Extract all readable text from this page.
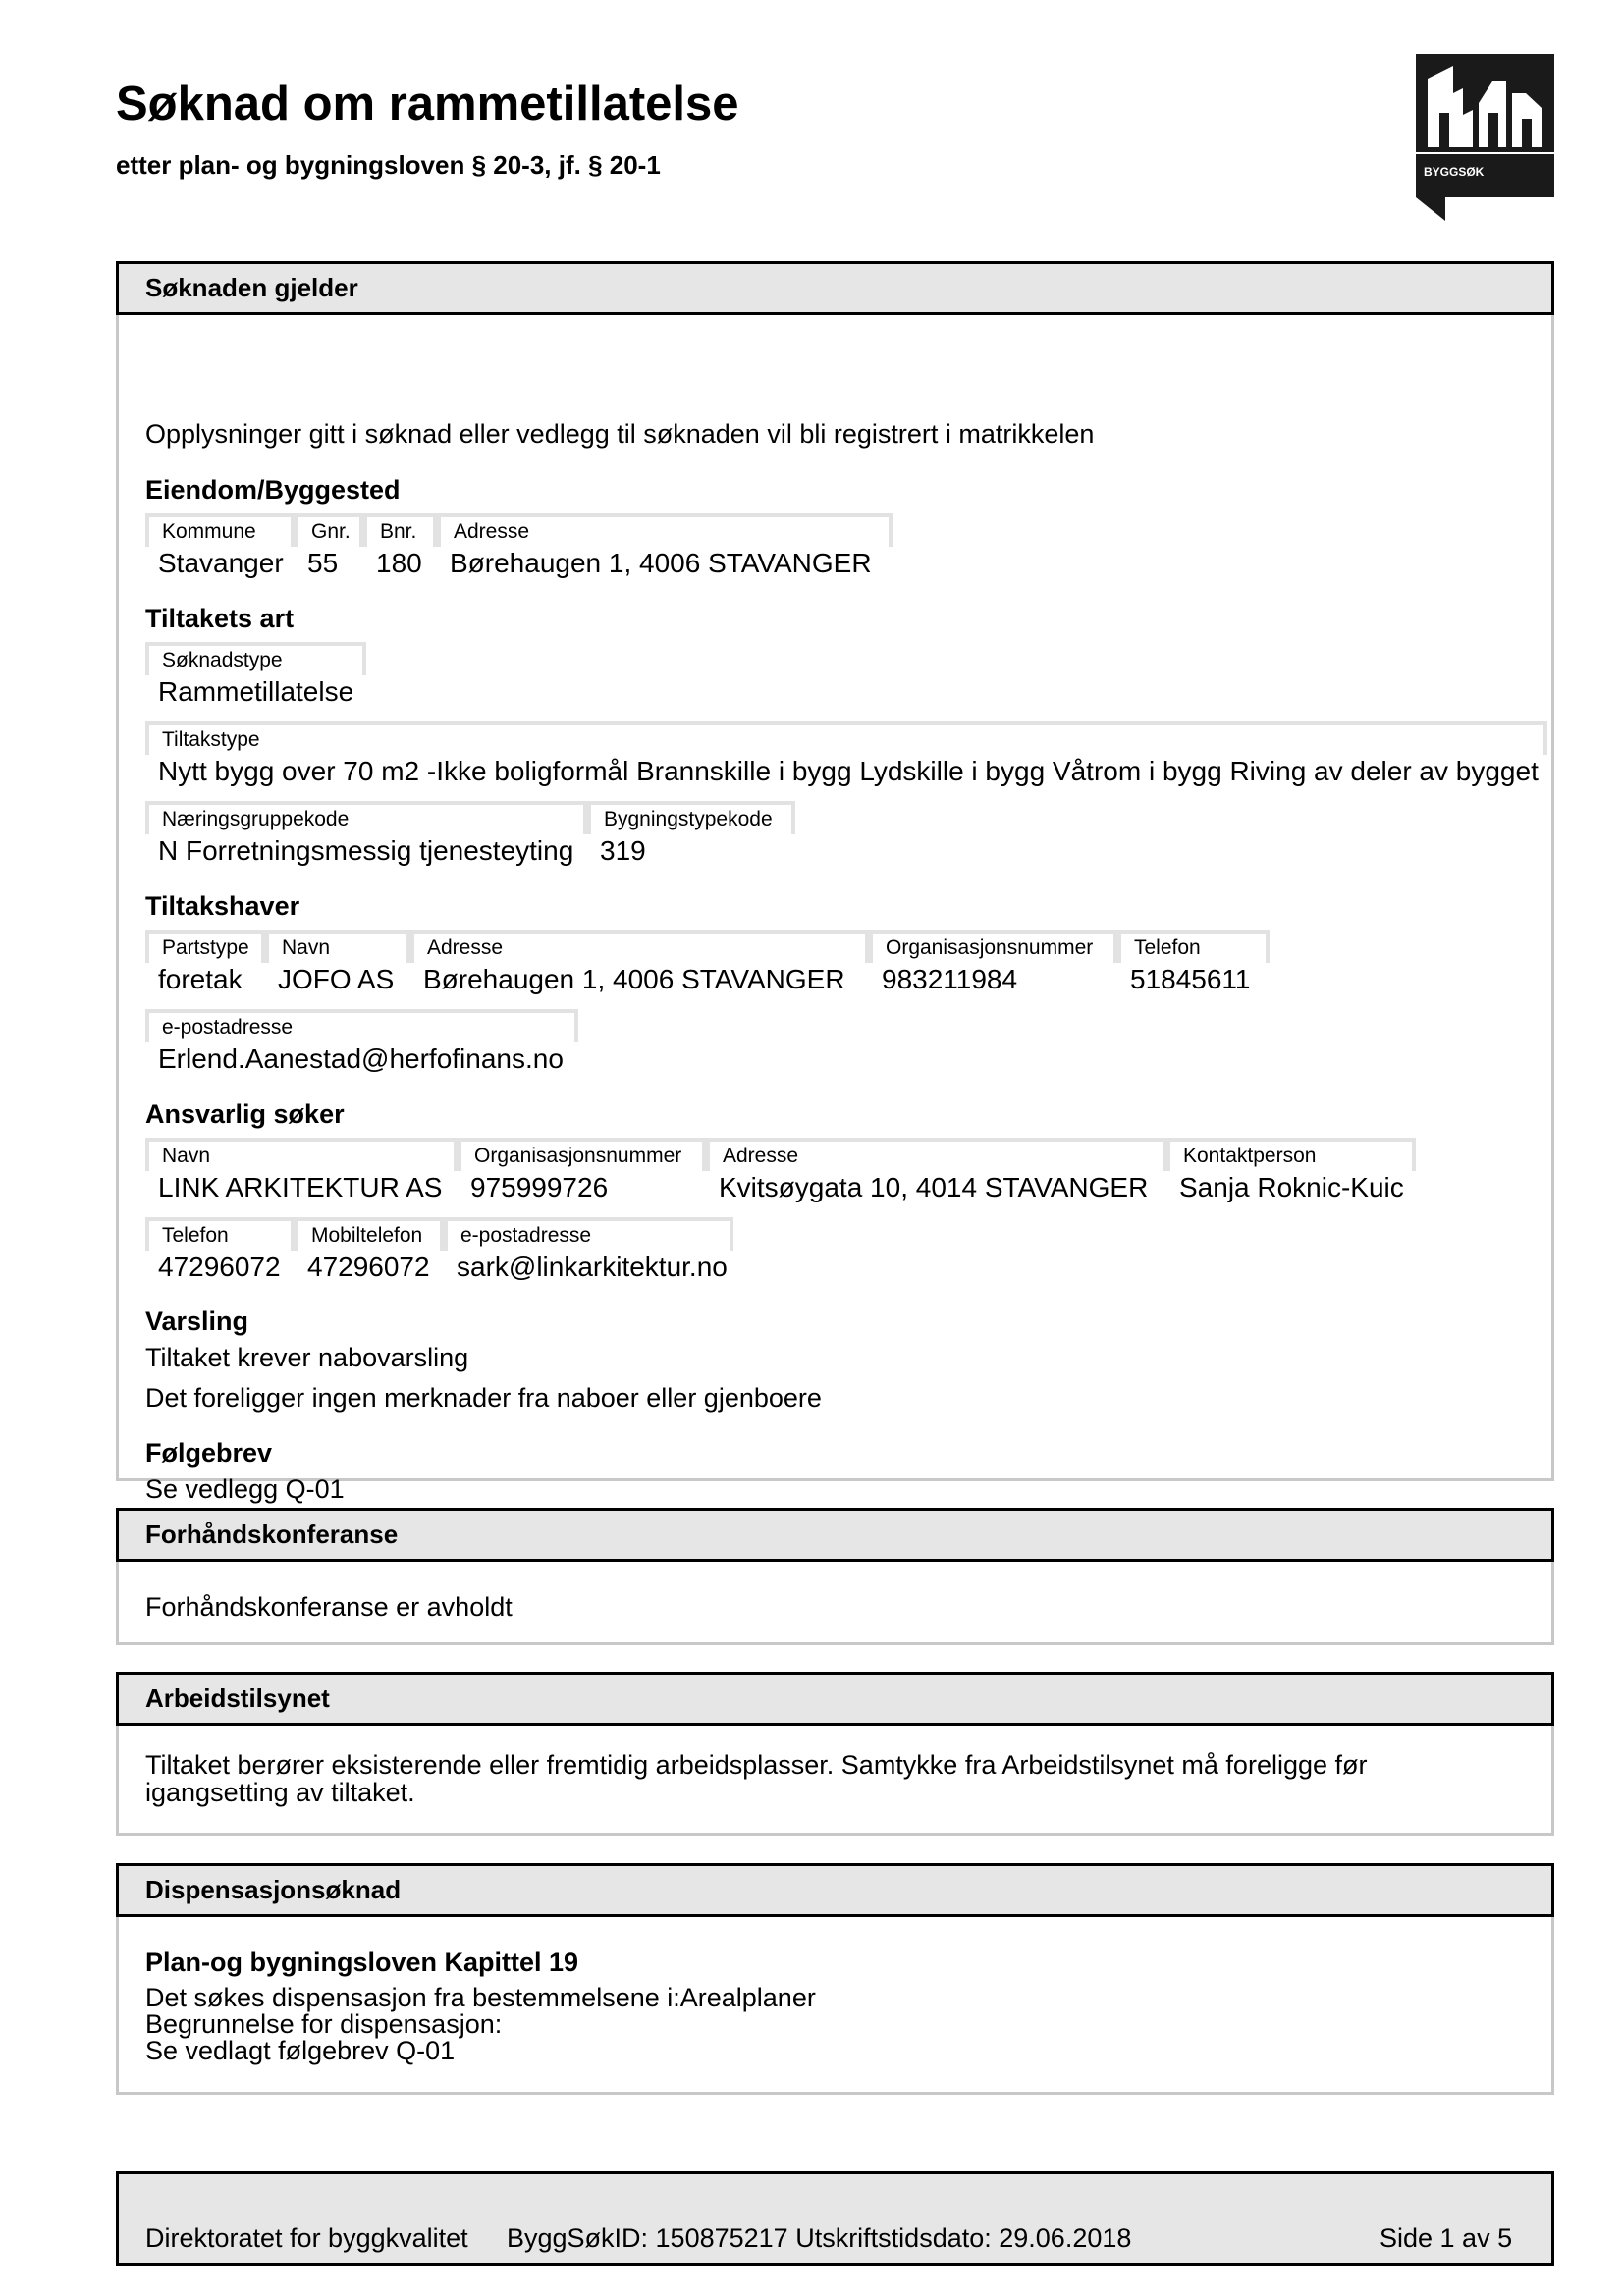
Søknad om rammetillatelse
etter plan- og bygningsloven § 20-3, jf. § 20-1	BYGGSØK
Søknaden gjelder
Opplysninger gitt i søknad eller vedlegg til søknaden vil bli registrert i matrikkelen
Eiendom/Byggested
Kommune
Stavanger
Gnr.
55
Bnr.
180
Adresse
Børehaugen 1, 4006 STAVANGER
Tiltakets art
Søknadstype
Rammetillatelse
Tiltakstype
Nytt bygg over 70 m2 -Ikke boligformål Brannskille i bygg Lydskille i bygg Våtrom i bygg Riving av deler av bygget
Næringsgruppekode
N Forretningsmessig tjenesteyting
Bygningstypekode
319
Tiltakshaver
Partstype
foretak
Navn
JOFO AS
Adresse
Børehaugen 1, 4006 STAVANGER
Organisasjonsnummer
983211984
Telefon
51845611
e-postadresse
Erlend.Aanestad@herfofinans.no
Ansvarlig søker
Navn
LINK ARKITEKTUR AS
Organisasjonsnummer
975999726
Adresse
Kvitsøygata 10, 4014 STAVANGER
Kontaktperson
Sanja Roknic-Kuic
Telefon
47296072
Mobiltelefon
47296072
e-postadresse
sark@linkarkitektur.no
Varsling
Tiltaket krever nabovarsling
Det foreligger ingen merknader fra naboer eller gjenboere
Følgebrev
Se vedlegg Q-01
Forhåndskonferanse
Forhåndskonferanse er avholdt
Arbeidstilsynet
Tiltaket berører eksisterende eller fremtidig arbeidsplasser. Samtykke fra Arbeidstilsynet må foreligge før
igangsetting av tiltaket.
Dispensasjonsøknad
Plan-og bygningsloven Kapittel 19
Det søkes dispensasjon fra bestemmelsene i:Arealplaner
Begrunnelse for dispensasjon:
Se vedlagt følgebrev Q-01
Direktoratet for byggkvalitet ByggSøkID: 150875217 Utskriftstidsdato: 29.06.2018	Side 1 av 5
